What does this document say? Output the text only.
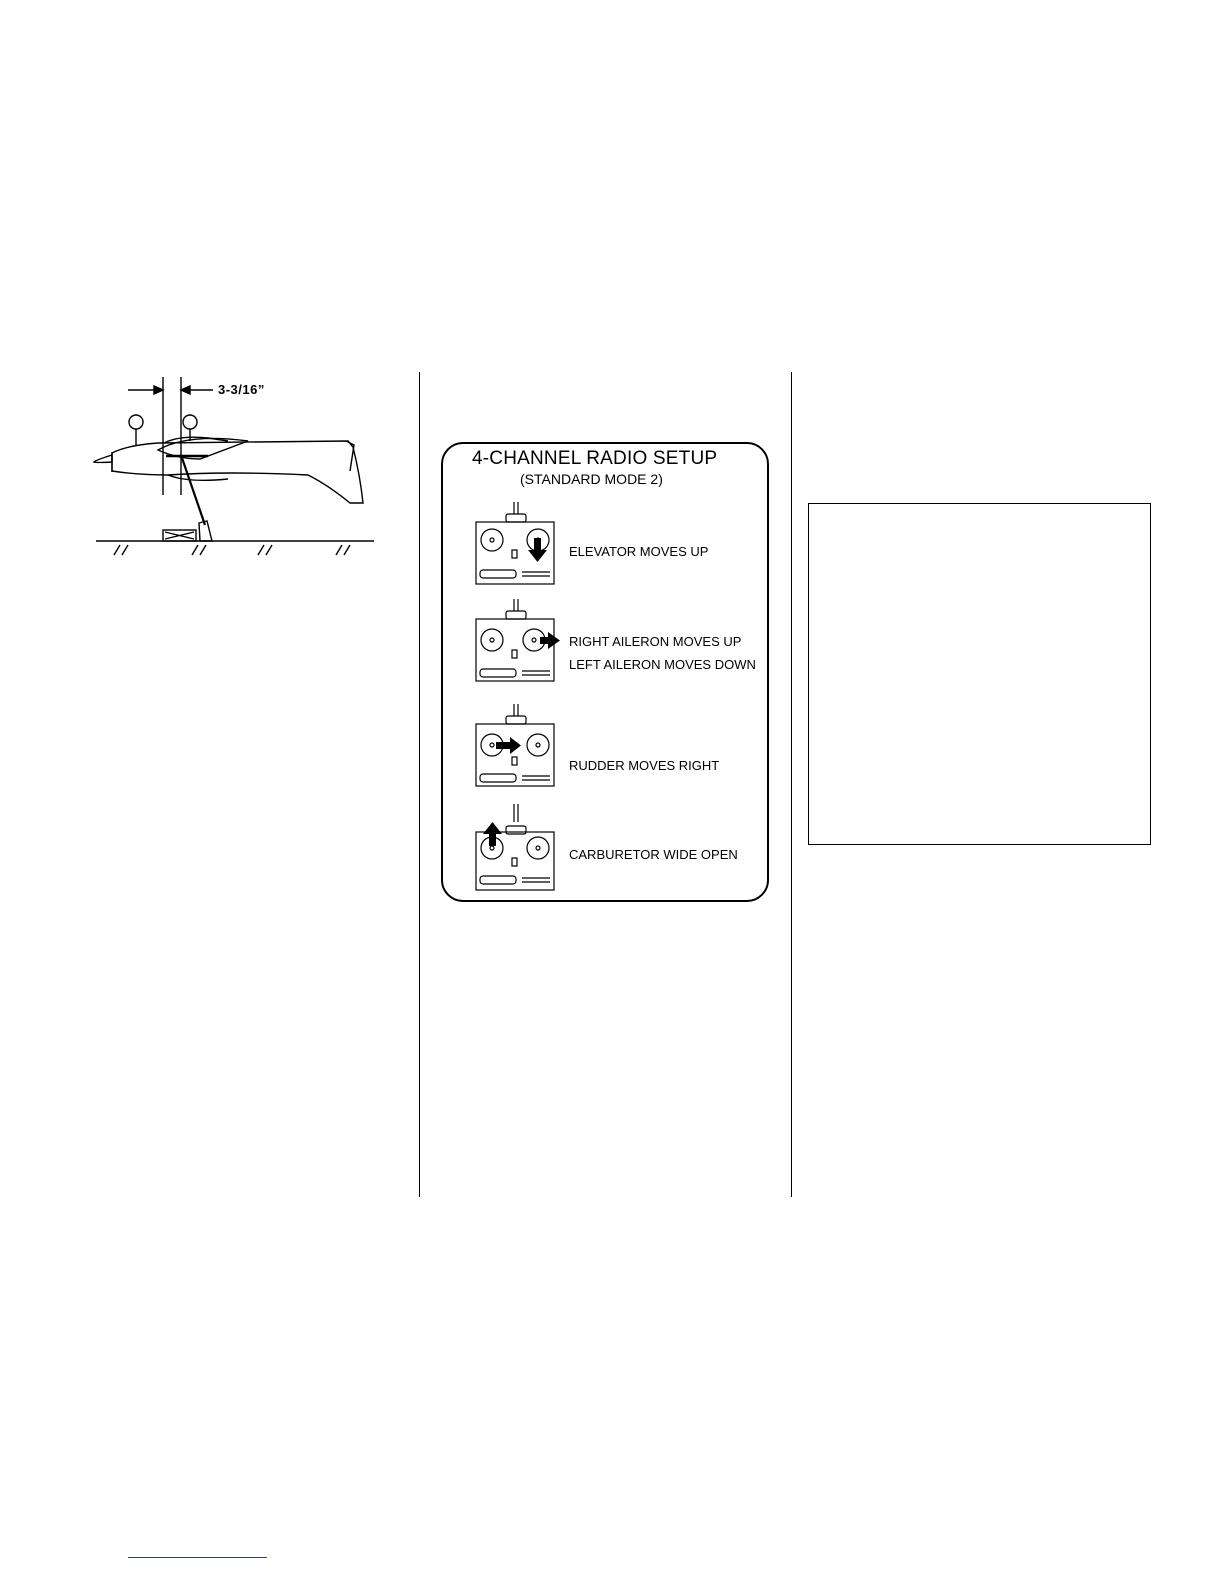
3-3/16”
4-CHANNEL RADIO SETUP
(STANDARD MODE 2)
ELEVATOR MOVES UP
RIGHT AILERON MOVES UP
LEFT AILERON MOVES DOWN
RUDDER MOVES RIGHT
CARBURETOR WIDE OPEN
